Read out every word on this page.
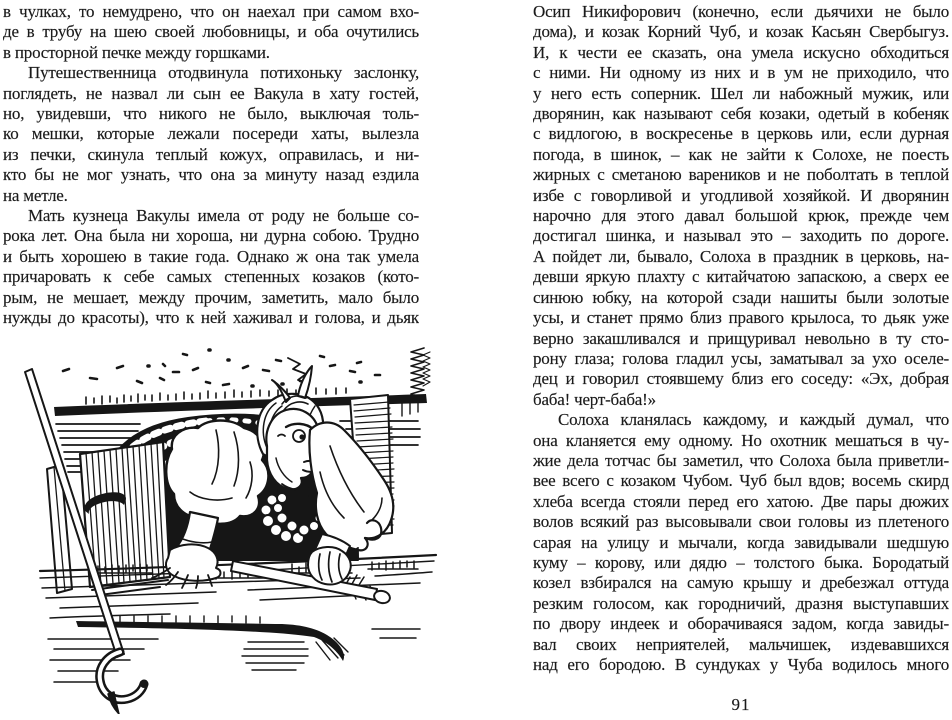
в чулках, то немудрено, что он наехал при самом вхо-
де в трубу на шею своей любовницы, и оба очутились
в просторной печке между горшками.
Путешественница отодвинула потихоньку заслонку,
поглядеть, не назвал ли сын ее Вакула в хату гостей,
но, увидевши, что никого не было, выключая толь-
ко мешки, которые лежали посереди хаты, вылезла
из печки, скинула теплый кожух, оправилась, и ни-
кто бы не мог узнать, что она за минуту назад ездила
на метле.
Мать кузнеца Вакулы имела от роду не больше со-
рока лет. Она была ни хороша, ни дурна собою. Трудно
и быть хорошею в такие года. Однако ж она так умела
причаровать к себе самых степенных козаков (кото-
рым, не мешает, между прочим, заметить, мало было
нужды до красоты), что к ней хаживал и голова, и дьяк
Осип Никифорович (конечно, если дьячихи не было
дома), и козак Корний Чуб, и козак Касьян Свербыгуз.
И, к чести ее сказать, она умела искусно обходиться
с ними. Ни одному из них и в ум не приходило, что
у него есть соперник. Шел ли набожный мужик, или
дворянин, как называют себя козаки, одетый в кобеняк
с видлогою, в воскресенье в церковь или, если дурная
погода, в шинок, – как не зайти к Солохе, не поесть
жирных с сметаною вареников и не поболтать в теплой
избе с говорливой и угодливой хозяйкой. И дворянин
нарочно для этого давал большой крюк, прежде чем
достигал шинка, и называл это – заходить по дороге.
А пойдет ли, бывало, Солоха в праздник в церковь, на-
девши яркую плахту с китайчатою запаскою, а сверх ее
синюю юбку, на которой сзади нашиты были золотые
усы, и станет прямо близ правого крылоса, то дьяк уже
верно закашливался и прищуривал невольно в ту сто-
рону глаза; голова гладил усы, заматывал за ухо оселе-
дец и говорил стоявшему близ его соседу: «Эх, добрая
баба! черт-баба!»
Солоха кланялась каждому, и каждый думал, что
она кланяется ему одному. Но охотник мешаться в чу-
жие дела тотчас бы заметил, что Солоха была приветли-
вее всего с козаком Чубом. Чуб был вдов; восемь скирд
хлеба всегда стояли перед его хатою. Две пары дюжих
волов всякий раз высовывали свои головы из плетеного
сарая на улицу и мычали, когда завидывали шедшую
куму – корову, или дядю – толстого быка. Бородатый
козел взбирался на самую крышу и дребезжал оттуда
резким голосом, как городничий, дразня выступавших
по двору индеек и оборачиваяся задом, когда завиды-
вал своих неприятелей, мальчишек, издевавшихся
над его бородою. В сундуках у Чуба водилось много
91
